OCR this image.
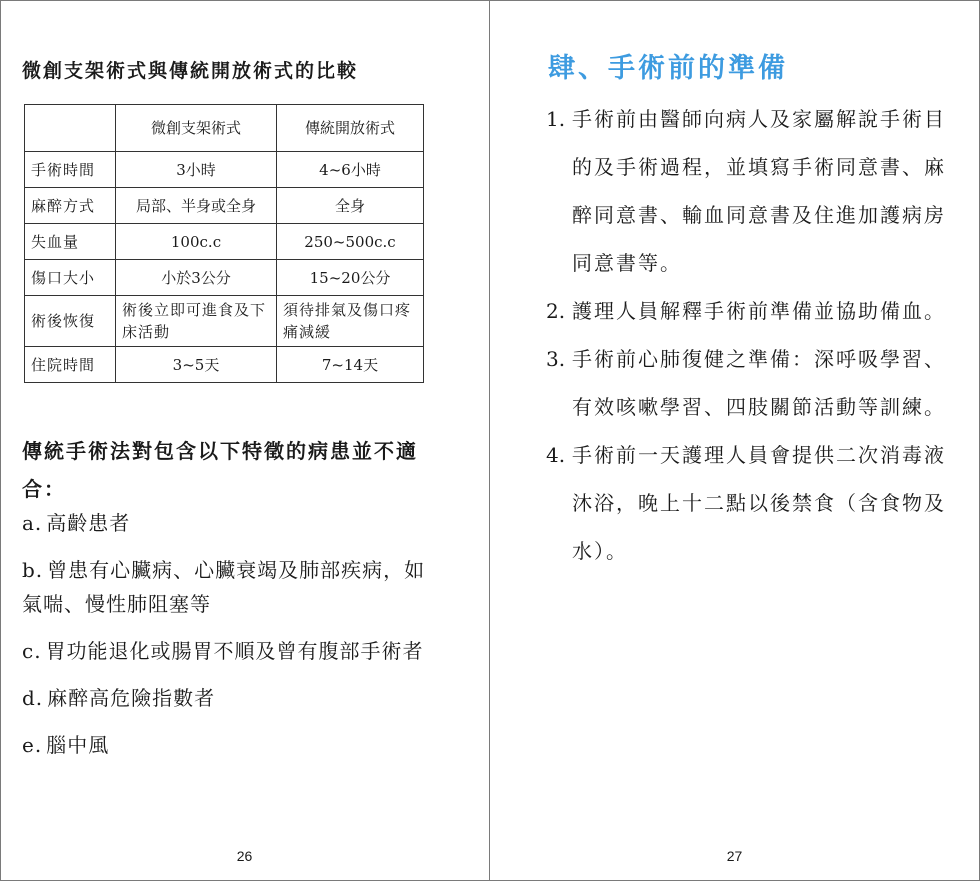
微創支架術式與傳統開放術式的比較
	微創支架術式	傳統開放術式
手術時間	3小時	4~6小時
麻醉方式	局部、半身或全身	全身
失血量	100c.c	250~500c.c
傷口大小	小於3公分	15~20公分
術後恢復	術後立即可進食及下床活動	須待排氣及傷口疼痛減緩
住院時間	3~5天	7~14天
傳統手術法對包含以下特徵的病患並不適合：
a. 高齡患者
b. 曾患有心臟病、心臟衰竭及肺部疾病，如氣喘、慢性肺阻塞等
c. 胃功能退化或腸胃不順及曾有腹部手術者
d. 麻醉高危險指數者
e. 腦中風
26
肆、手術前的準備
1. 手術前由醫師向病人及家屬解說手術目的及手術過程，並填寫手術同意書、麻醉同意書、輸血同意書及住進加護病房同意書等。
2. 護理人員解釋手術前準備並協助備血。
3. 手術前心肺復健之準備：深呼吸學習、有效咳嗽學習、四肢關節活動等訓練。
4. 手術前一天護理人員會提供二次消毒液沐浴，晚上十二點以後禁食（含食物及水）。
27
